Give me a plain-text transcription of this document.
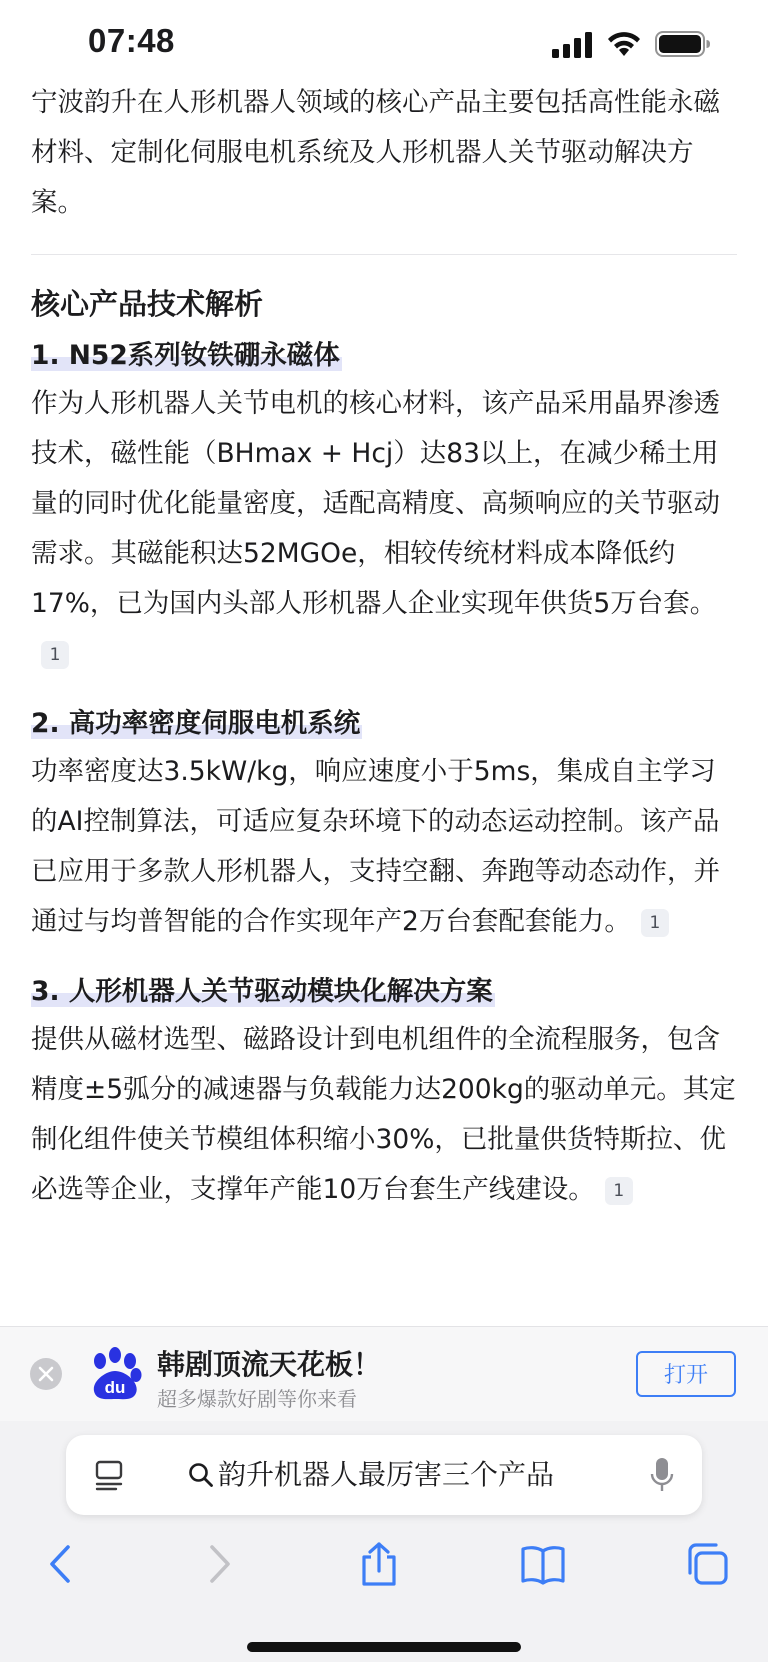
07:48

宁波韵升在人形机器人领域的核心产品主要包括高性能永磁材料、定制化伺服电机系统及人形机器人关节驱动解决方案。

核心产品技术解析
1. N52系列钕铁硼永磁体

作为人形机器人关节电机的核心材料，该产品采用晶界渗透技术，磁性能（BHmax + Hcj）达83以上，在减少稀土用量的同时优化能量密度，适配高精度、高频响应的关节驱动需求。其磁能积达52MGOe，相较传统材料成本降低约17%，已为国内头部人形机器人企业实现年供货5万台套。1

2. 高功率密度伺服电机系统

功率密度达3.5kW/kg，响应速度小于5ms，集成自主学习的AI控制算法，可适应复杂环境下的动态运动控制。该产品已应用于多款人形机器人，支持空翻、奔跑等动态动作，并通过与均普智能的合作实现年产2万台套配套能力。 1

3. 人形机器人关节驱动模块化解决方案

提供从磁材选型、磁路设计到电机组件的全流程服务，包含精度±5弧分的减速器与负载能力达200kg的驱动单元。其定制化组件使关节模组体积缩小30%，已批量供货特斯拉、优必选等企业，支撑年产能10万台套生产线建设。 1

du
韩剧顶流天花板！
超多爆款好剧等你来看
打开
韵升机器人最厉害三个产品
